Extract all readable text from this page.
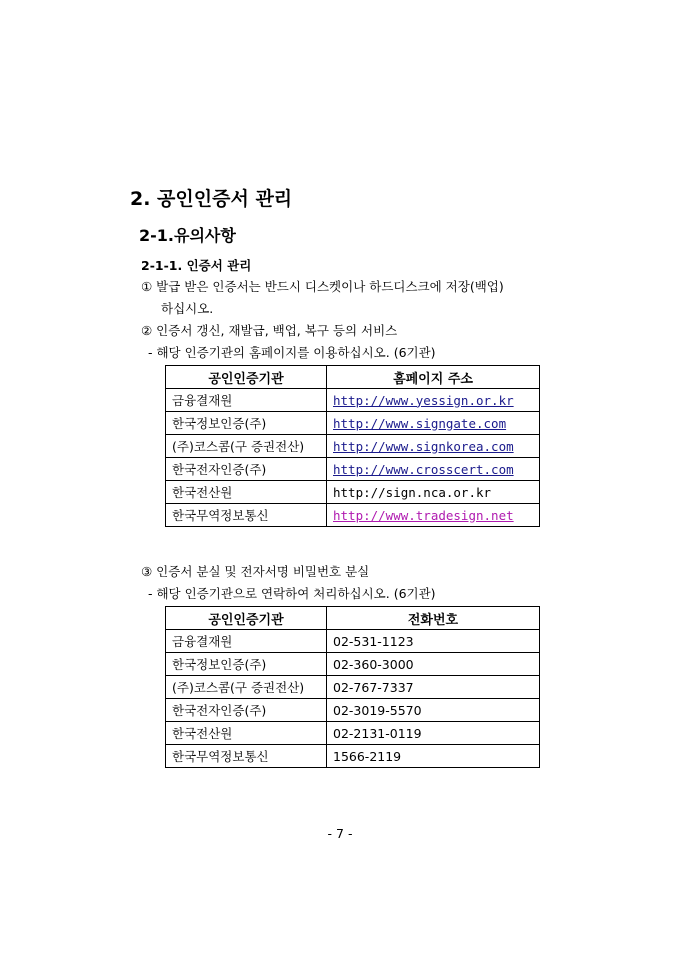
2. 공인인증서 관리
2-1.유의사항
2-1-1. 인증서 관리
① 발급 받은 인증서는 반드시 디스켓이나 하드디스크에 저장(백업)
하십시오.
② 인증서 갱신, 재발급, 백업, 복구 등의 서비스
- 해당 인증기관의 홈페이지를 이용하십시오. (6기관)
공인인증기관	홈페이지 주소
금융결재원	http://www.yessign.or.kr
한국정보인증(주)	http://www.signgate.com
(주)코스콤(구 증권전산)	http://www.signkorea.com
한국전자인증(주)	http://www.crosscert.com
한국전산원	http://sign.nca.or.kr
한국무역정보통신	http://www.tradesign.net
③ 인증서 분실 및 전자서명 비밀번호 분실
- 해당 인증기관으로 연락하여 처리하십시오. (6기관)
공인인증기관	전화번호
금융결재원	02-531-1123
한국정보인증(주)	02-360-3000
(주)코스콤(구 증권전산)	02-767-7337
한국전자인증(주)	02-3019-5570
한국전산원	02-2131-0119
한국무역정보통신	1566-2119
- 7 -
